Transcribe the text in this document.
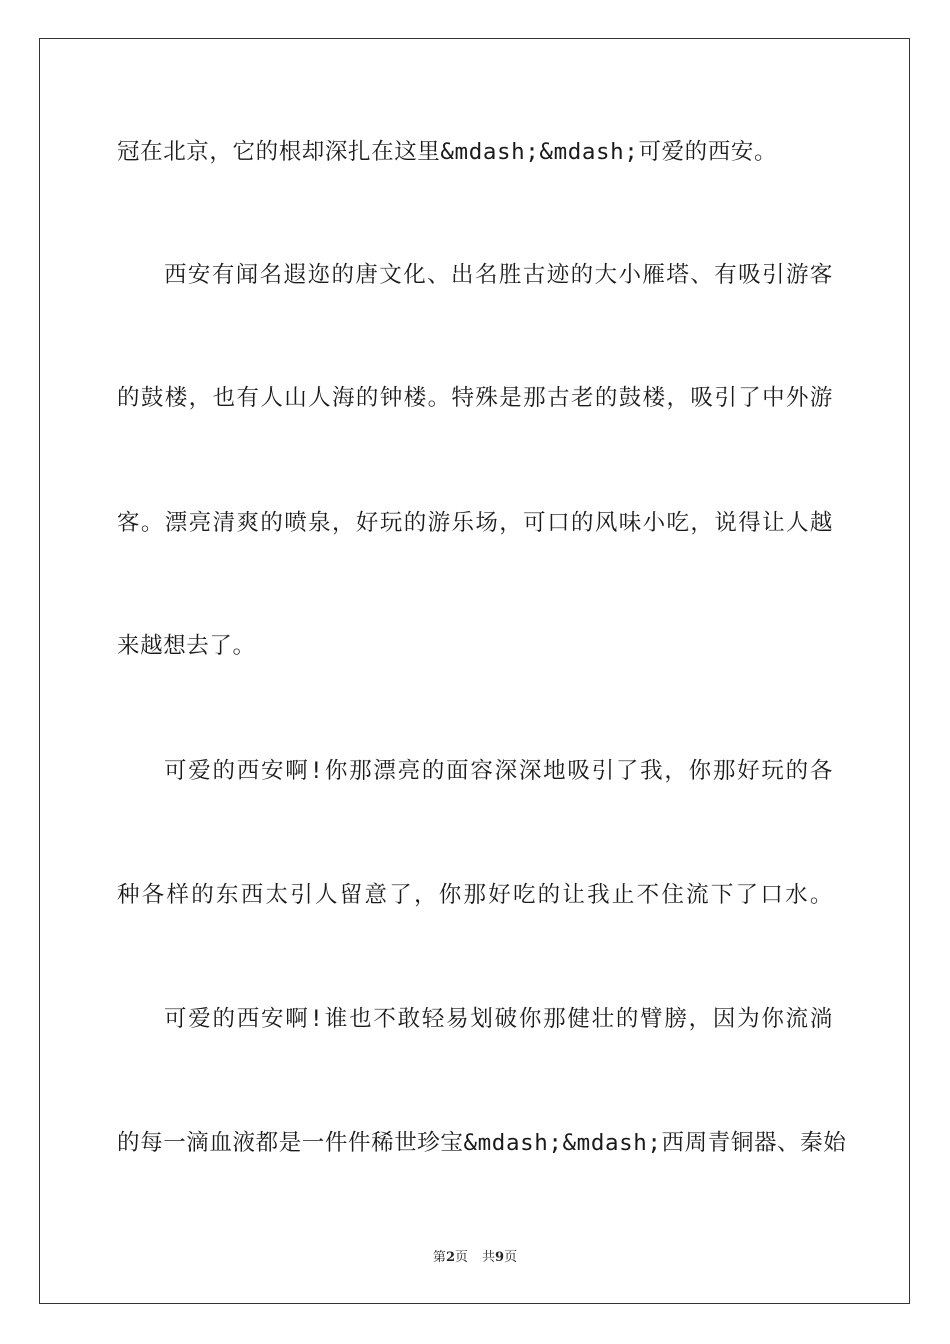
冠在北京，它的根却深扎在这里&mdash;&mdash;可爱的西安。
西安有闻名遐迩的唐文化、出名胜古迹的大小雁塔、有吸引游客
的鼓楼，也有人山人海的钟楼。特殊是那古老的鼓楼，吸引了中外游
客。漂亮清爽的喷泉，好玩的游乐场，可口的风味小吃，说得让人越
来越想去了。
可爱的西安啊!你那漂亮的面容深深地吸引了我，你那好玩的各
种各样的东西太引人留意了，你那好吃的让我止不住流下了口水。
可爱的西安啊!谁也不敢轻易划破你那健壮的臂膀，因为你流淌
的每一滴血液都是一件件稀世珍宝&mdash;&mdash;西周青铜器、秦始
第2页 共9页
